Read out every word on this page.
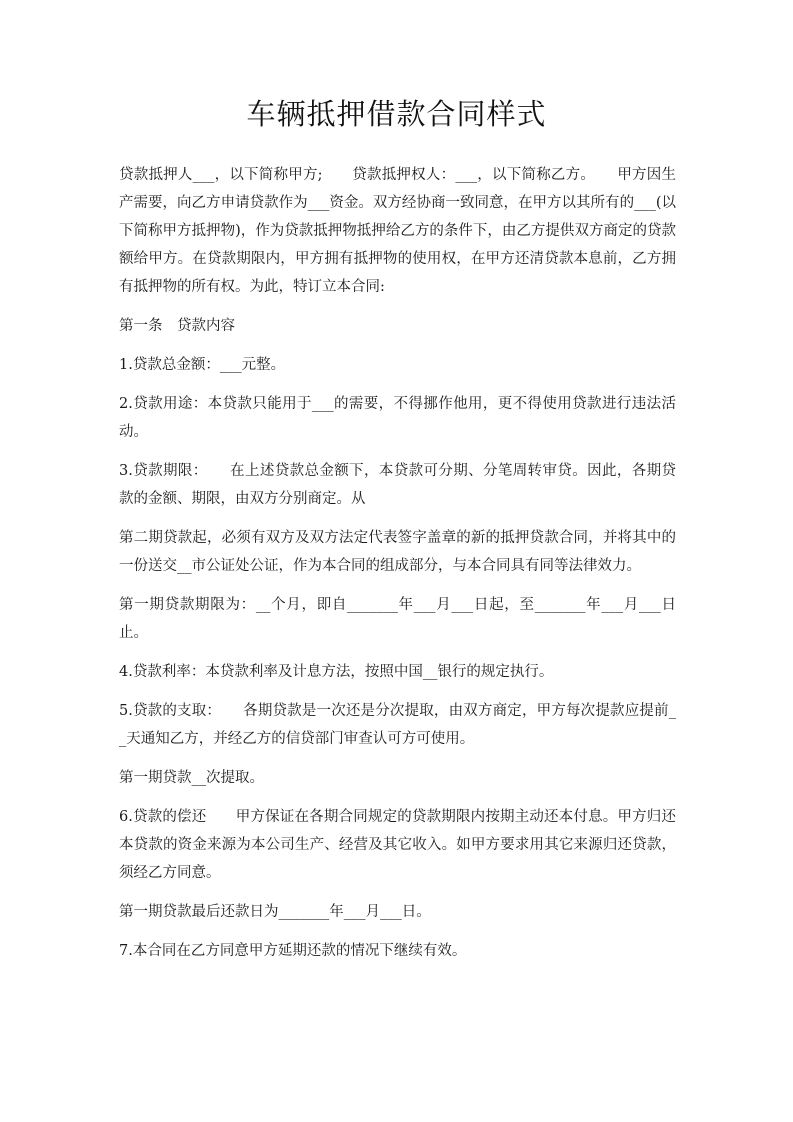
车辆抵押借款合同样式

贷款抵押人___，以下简称甲方;　　贷款抵押权人：___，以下简称乙方。　　甲方因生产需要，向乙方申请贷款作为___资金。双方经协商一致同意，在甲方以其所有的___(以下简称甲方抵押物)，作为贷款抵押物抵押给乙方的条件下，由乙方提供双方商定的贷款额给甲方。在贷款期限内，甲方拥有抵押物的使用权，在甲方还清贷款本息前，乙方拥有抵押物的所有权。为此，特订立本合同:

第一条　贷款内容

1.贷款总金额：___元整。

2.贷款用途：本贷款只能用于___的需要，不得挪作他用，更不得使用贷款进行违法活动。

3.贷款期限：　　在上述贷款总金额下，本贷款可分期、分笔周转审贷。因此，各期贷款的金额、期限，由双方分别商定。从

第二期贷款起，必须有双方及双方法定代表签字盖章的新的抵押贷款合同，并将其中的一份送交__市公证处公证，作为本合同的组成部分，与本合同具有同等法律效力。

第一期贷款期限为：__个月，即自_______年___月___日起，至_______年___月___日止。

4.贷款利率：本贷款利率及计息方法，按照中国__银行的规定执行。

5.贷款的支取：　　各期贷款是一次还是分次提取，由双方商定，甲方每次提款应提前__天通知乙方，并经乙方的信贷部门审查认可方可使用。

第一期贷款__次提取。

6.贷款的偿还　　甲方保证在各期合同规定的贷款期限内按期主动还本付息。甲方归还本贷款的资金来源为本公司生产、经营及其它收入。如甲方要求用其它来源归还贷款，须经乙方同意。

第一期贷款最后还款日为_______年___月___日。

7.本合同在乙方同意甲方延期还款的情况下继续有效。
